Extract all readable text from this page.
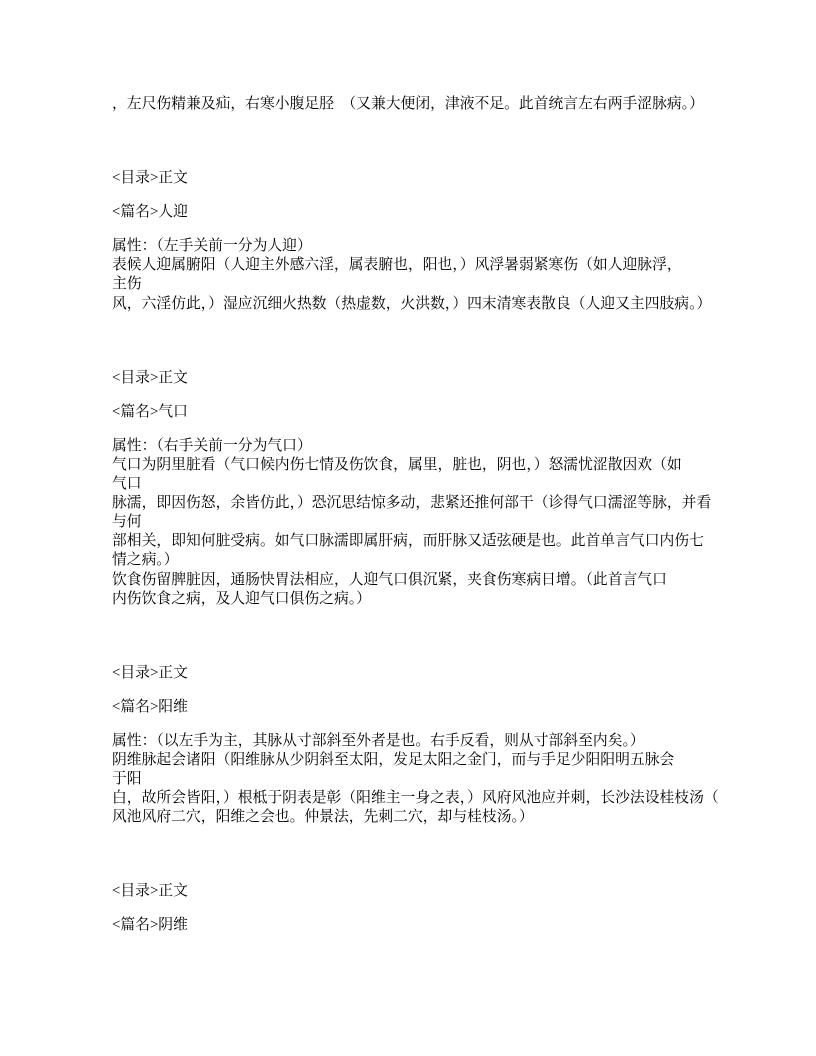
，左尺伤精兼及疝，右寒小腹足胫　（又兼大便闭，津液不足。此首统言左右两手涩脉病。）
<目录>正文
<篇名>人迎
属性：（左手关前一分为人迎）
表候人迎属腑阳（人迎主外感六淫，属表腑也，阳也，）风浮暑弱紧寒伤（如人迎脉浮，
主伤
风，六淫仿此，）湿应沉细火热数（热虚数，火洪数，）四末清寒表散良（人迎又主四肢病。）
<目录>正文
<篇名>气口
属性：（右手关前一分为气口）
气口为阴里脏看（气口候内伤七情及伤饮食，属里，脏也，阴也，）怒濡忧涩散因欢（如
气口
脉濡，即因伤怒，余皆仿此，）恐沉思结惊多动，悲紧还推何部干（诊得气口濡涩等脉，并看
与何
部相关，即知何脏受病。如气口脉濡即属肝病，而肝脉又适弦硬是也。此首单言气口内伤七
情之病。）
饮食伤留脾脏因，通肠快胃法相应，人迎气口俱沉紧，夹食伤寒病日增。（此首言气口
内伤饮食之病，及人迎气口俱伤之病。）
<目录>正文
<篇名>阳维
属性：（以左手为主，其脉从寸部斜至外者是也。右手反看，则从寸部斜至内矣。）
阴维脉起会诸阳（阳维脉从少阴斜至太阳，发足太阳之金门，而与手足少阳阳明五脉会
于阳
白，故所会皆阳，）根柢于阴表是彰（阳维主一身之表，）风府风池应并刺，长沙法设桂枝汤（
风池风府二穴，阳维之会也。仲景法，先刺二穴，却与桂枝汤。）
<目录>正文
<篇名>阴维
